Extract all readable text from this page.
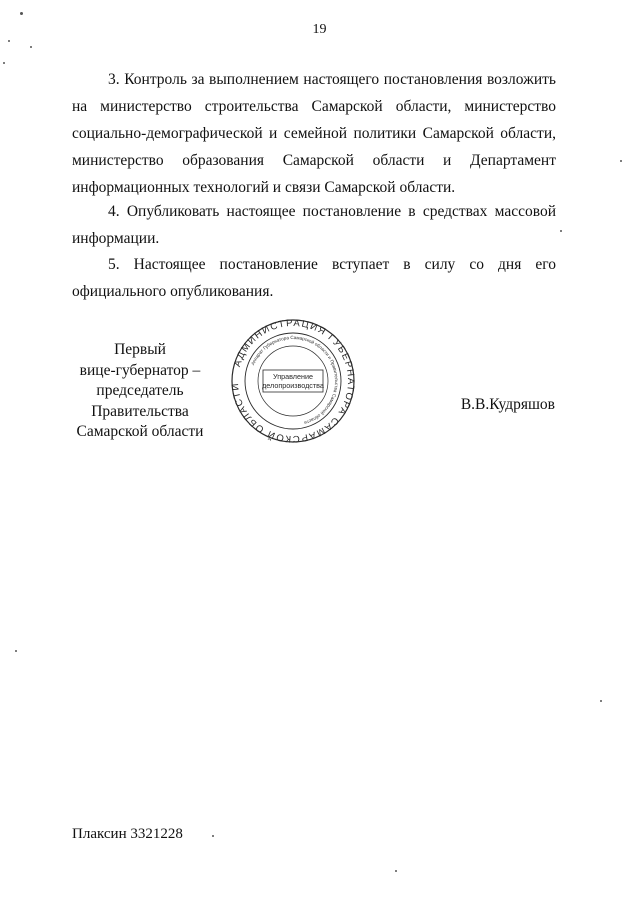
19

3. Контроль за выполнением настоящего постановления возложить на министерство строительства Самарской области, министерство социально-демографической и семейной политики Самарской области, министерство образования Самарской области и Департамент информационных технологий и связи Самарской области.

4. Опубликовать настоящее постановление в средствах массовой информации.

5. Настоящее постановление вступает в силу со дня его официального опубликования.

Первый
вице-губернатор –
председатель Правительства
Самарской области
АДМИНИСТРАЦИЯ ГУБЕРНАТОРА САМАРСКОЙ ОБЛАСТИ
Аппарат Губернатора Самарской области и Правительства Самарской области
Управление
делопроизводства
В.В.Кудряшов
Плаксин 3321228
